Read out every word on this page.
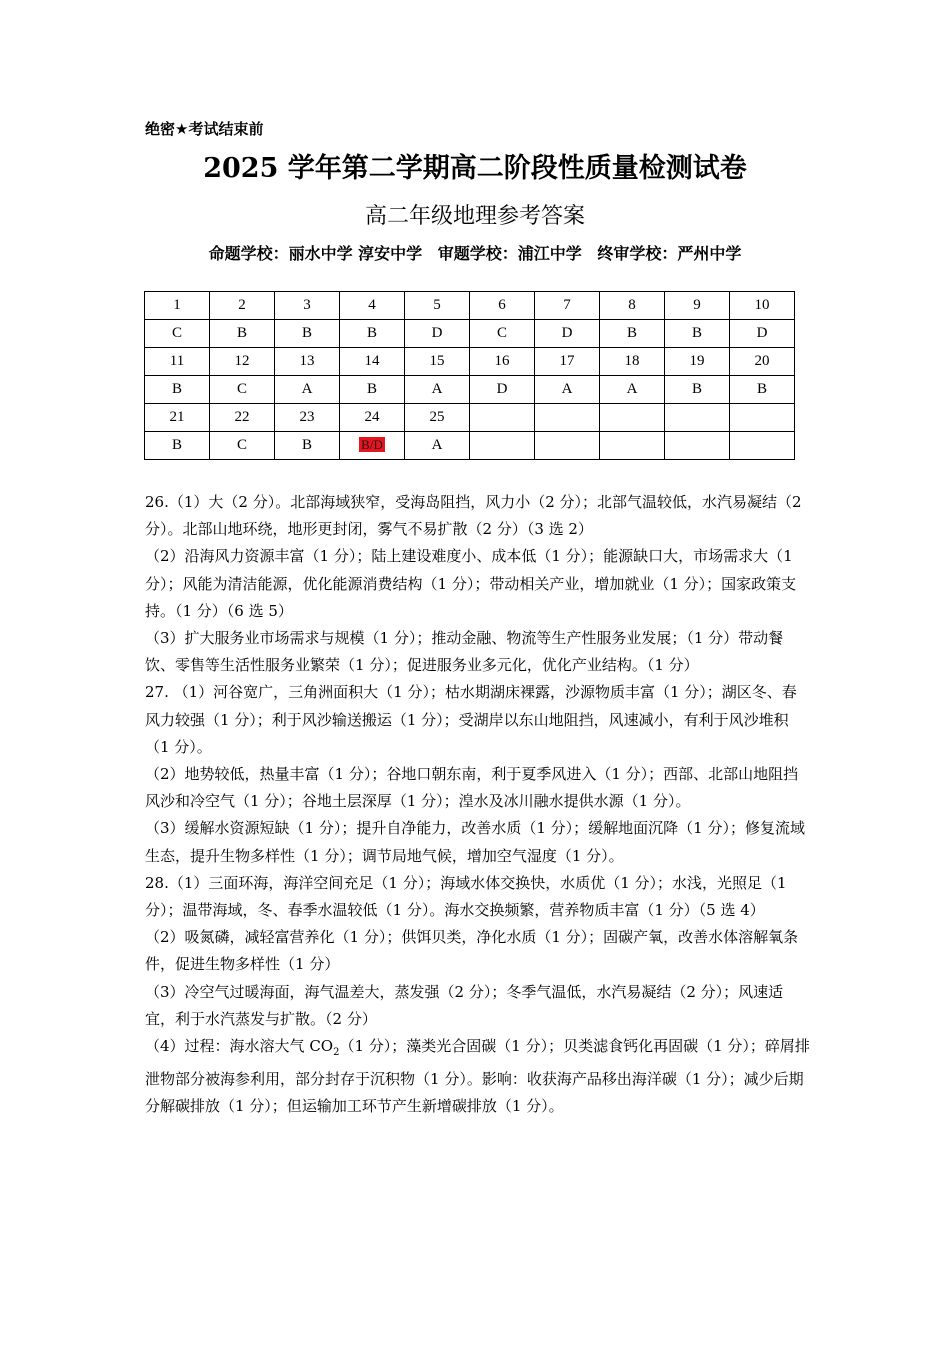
绝密★考试结束前
2025 学年第二学期高二阶段性质量检测试卷
高二年级地理参考答案
命题学校：丽水中学 淳安中学 审题学校：浦江中学 终审学校：严州中学
1	2	3	4	5	6	7	8	9	10
C	B	B	B	D	C	D	B	B	D
11	12	13	14	15	16	17	18	19	20
B	C	A	B	A	D	A	A	B	B
21	22	23	24	25					
B	C	B	B/D	A					

26.（1）大（2 分）。北部海域狭窄，受海岛阻挡，风力小（2 分）；北部气温较低，水汽易凝结（2 分）。北部山地环绕，地形更封闭，雾气不易扩散（2 分）（3 选 2）

（2）沿海风力资源丰富（1 分）；陆上建设难度小、成本低（1 分）；能源缺口大，市场需求大（1 分）；风能为清洁能源，优化能源消费结构（1 分）；带动相关产业，增加就业（1 分）；国家政策支持。（1 分）（6 选 5）

（3）扩大服务业市场需求与规模（1 分）；推动金融、物流等生产性服务业发展；（1 分）带动餐饮、零售等生活性服务业繁荣（1 分）；促进服务业多元化，优化产业结构。（1 分）

27. （1）河谷宽广，三角洲面积大（1 分）；枯水期湖床裸露，沙源物质丰富（1 分）；湖区冬、春风力较强（1 分）；利于风沙输送搬运（1 分）；受湖岸以东山地阻挡，风速减小，有利于风沙堆积（1 分）。

（2）地势较低，热量丰富（1 分）；谷地口朝东南，利于夏季风进入（1 分）；西部、北部山地阻挡风沙和冷空气（1 分）；谷地土层深厚（1 分）；湟水及冰川融水提供水源（1 分）。

（3）缓解水资源短缺（1 分）；提升自净能力，改善水质（1 分）；缓解地面沉降（1 分）；修复流域生态，提升生物多样性（1 分）；调节局地气候，增加空气湿度（1 分）。

28.（1）三面环海，海洋空间充足（1 分）；海域水体交换快，水质优（1 分）；水浅，光照足（1 分）；温带海域，冬、春季水温较低（1 分）。海水交换频繁，营养物质丰富（1 分）（5 选 4）

（2）吸氮磷，减轻富营养化（1 分）；供饵贝类，净化水质（1 分）；固碳产氧，改善水体溶解氧条件，促进生物多样性（1 分）

（3）冷空气过暖海面，海气温差大，蒸发强（2 分）；冬季气温低，水汽易凝结（2 分）；风速适宜，利于水汽蒸发与扩散。（2 分）

（4）过程：海水溶大气 $CO_2(1$ 分）；藻类光合固碳（1 分）；贝类滤食钙化再固碳（1 分）；碎屑排泄物部分被海参利用，部分封存于沉积物（1 分）。影响：收获海产品移出海洋碳（1 分）；减少后期分解碳排放（1 分）；但运输加工环节产生新增碳排放（1 分）。
